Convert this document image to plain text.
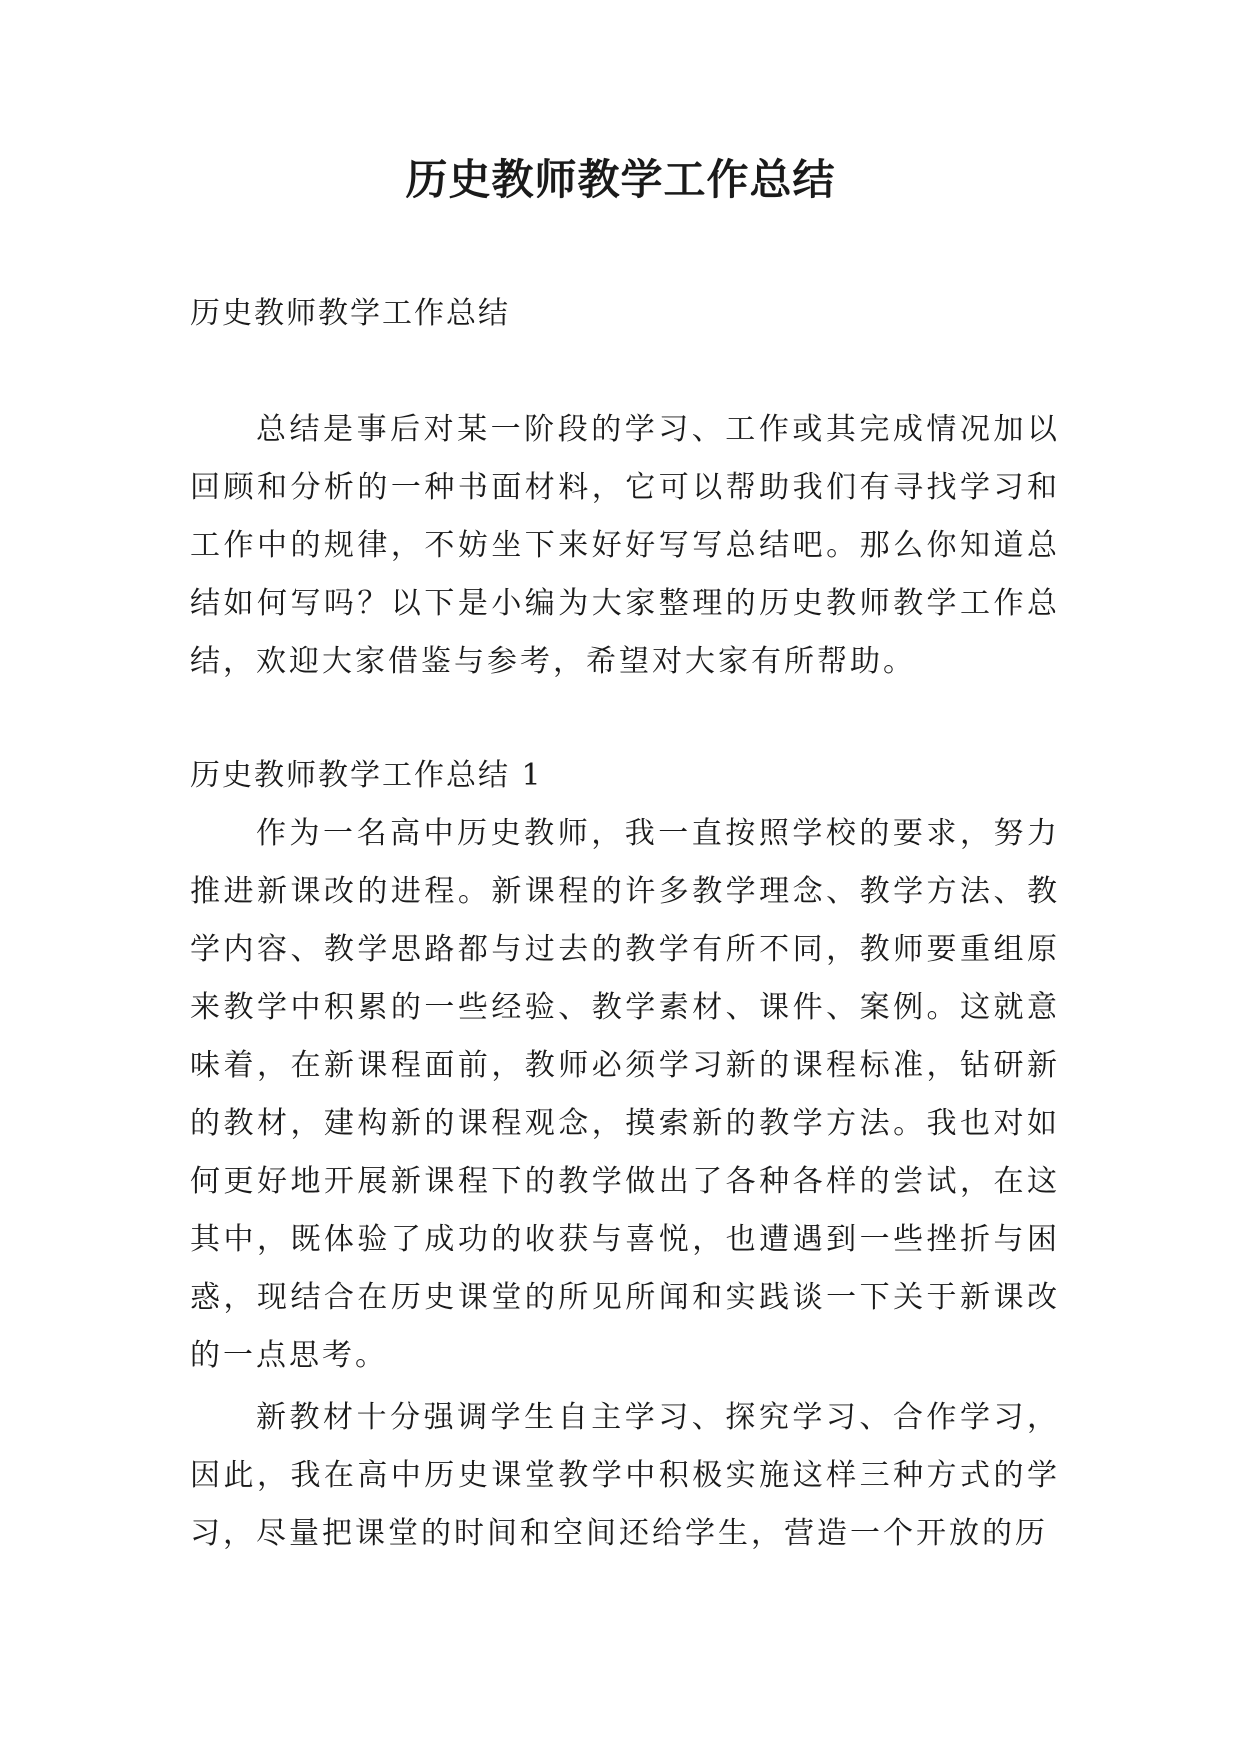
历史教师教学工作总结

历史教师教学工作总结

总结是事后对某一阶段的学习、工作或其完成情况加以回顾和分析的一种书面材料，它可以帮助我们有寻找学习和工作中的规律，不妨坐下来好好写写总结吧。那么你知道总结如何写吗？以下是小编为大家整理的历史教师教学工作总结，欢迎大家借鉴与参考，希望对大家有所帮助。

历史教师教学工作总结 1

作为一名高中历史教师，我一直按照学校的要求，努力推进新课改的进程。新课程的许多教学理念、教学方法、教学内容、教学思路都与过去的教学有所不同，教师要重组原来教学中积累的一些经验、教学素材、课件、案例。这就意味着，在新课程面前，教师必须学习新的课程标准，钻研新的教材，建构新的课程观念，摸索新的教学方法。我也对如何更好地开展新课程下的教学做出了各种各样的尝试，在这其中，既体验了成功的收获与喜悦，也遭遇到一些挫折与困惑，现结合在历史课堂的所见所闻和实践谈一下关于新课改的一点思考。

新教材十分强调学生自主学习、探究学习、合作学习，因此，我在高中历史课堂教学中积极实施这样三种方式的学习，尽量把课堂的时间和空间还给学生，营造一个开放的历
